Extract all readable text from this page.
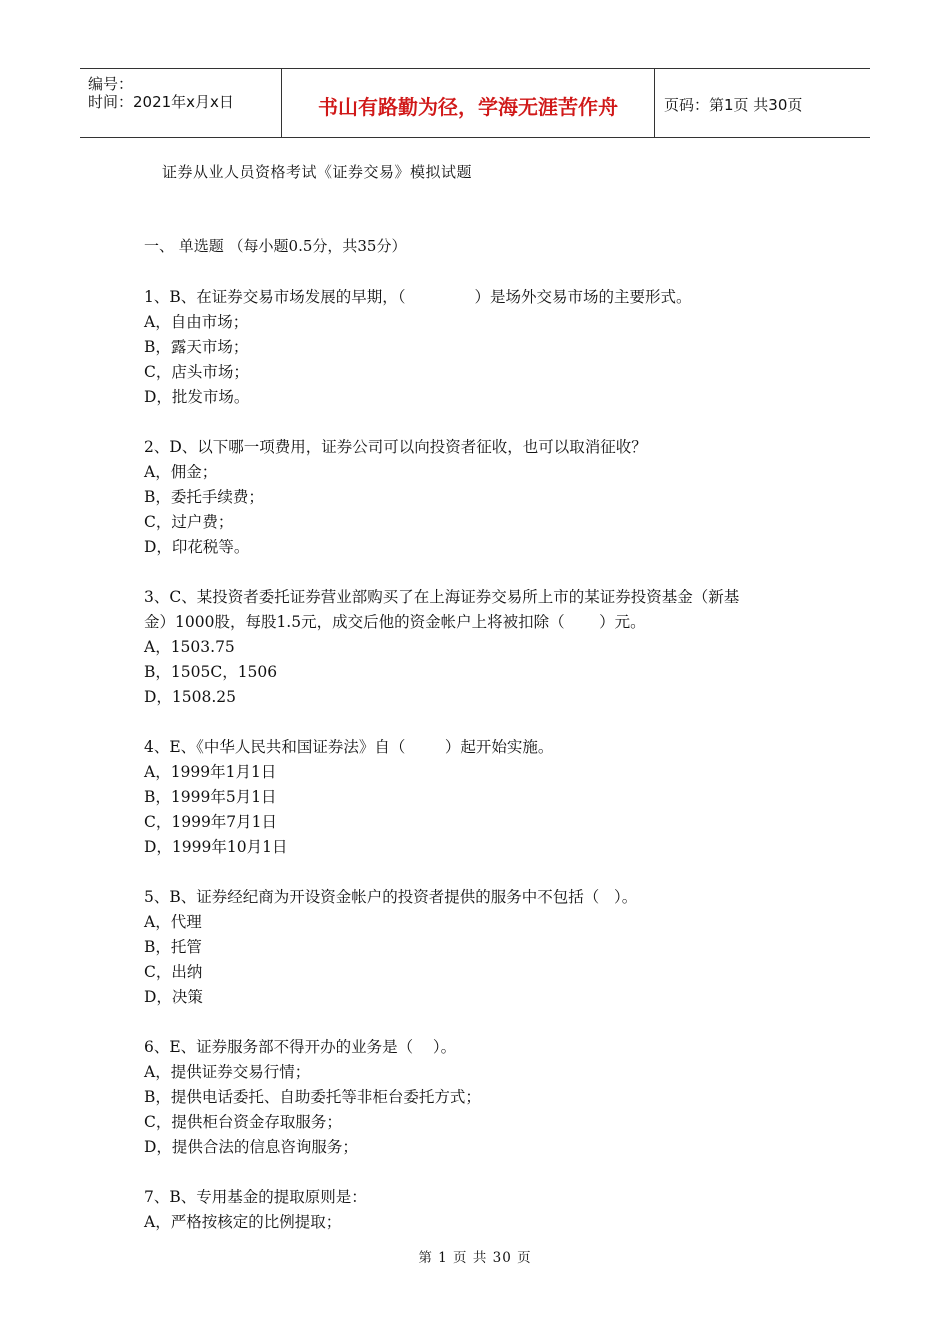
编号：
时间：2021年x月x日	书山有路勤为径，学海无涯苦作舟	页码：第1页 共30页
证券从业人员资格考试《证券交易》模拟试题
一、 单选题 （每小题0.5分，共35分）
1、B、在证券交易市场发展的早期，（              ）是场外交易市场的主要形式。
A，自由市场；
B，露天市场；
C，店头市场；
D，批发市场。
2、D、以下哪一项费用，证券公司可以向投资者征收，也可以取消征收？
A，佣金；
B，委托手续费；
C，过户费；
D，印花税等。
3、C、某投资者委托证券营业部购买了在上海证券交易所上市的某证券投资基金（新基
金）1000股，每股1.5元，成交后他的资金帐户上将被扣除（       ）元。
A，1503.75
B，1505C，1506
D，1508.25
4、E、《中华人民共和国证券法》自（        ）起开始实施。
A，1999年1月1日
B，1999年5月1日
C，1999年7月1日
D，1999年10月1日
5、B、证券经纪商为开设资金帐户的投资者提供的服务中不包括（   ）。
A，代理
B，托管
C，出纳
D，决策
6、E、证券服务部不得开办的业务是（    ）。
A，提供证券交易行情；
B，提供电话委托、自助委托等非柜台委托方式；
C，提供柜台资金存取服务；
D，提供合法的信息咨询服务；
7、B、专用基金的提取原则是：
A，严格按核定的比例提取；
第 1 页 共 30 页
